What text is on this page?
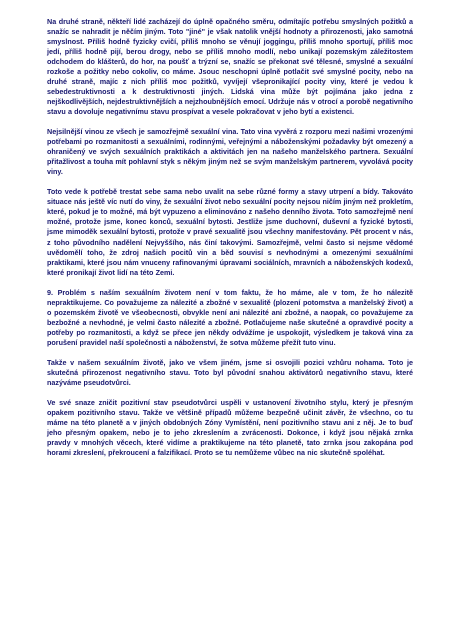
Na druhé straně, někteří lidé zacházejí do úplně opačného směru, odmítajíc potřebu smyslných požitků a snažíc se nahradit je něčím jiným. Toto "jiné" je však natolik vnější hodnoty a přirozenosti, jako samotná smyslnost. Příliš hodně fyzicky cvičí, příliš mnoho se věnují joggingu, příliš mnoho sportují, příliš moc jedí, příliš hodně pijí, berou drogy, nebo se příliš mnoho modlí, nebo unikají pozemským záležitostem odchodem do klášterů, do hor, na poušť a trýzní se, snažíc se překonat své tělesné, smyslné a sexuální rozkoše a požitky nebo cokoliv, co máme. Jsouc neschopni úplně potlačit své smyslné pocity, nebo na druhé straně, majíc z nich příliš moc požitků, vyvíjejí všepronikající pocity viny, které je vedou k sebedestruktivnosti a k destruktivnosti jiných. Lidská vina může být pojímána jako jedna z nejškodlivějších, nejdestruktivnějších a nejzhoubnějších emocí. Udržuje nás v otrocí a porobě negativního stavu a dovoluje negativnímu stavu prospívat a vesele pokračovat v jeho bytí a existenci.

Nejsilnější vinou ze všech je samozřejmě sexuální vina. Tato vina vyvěrá z rozporu mezi našimi vrozenými potřebami po rozmanitosti a sexuálními, rodinnými, veřejnými a náboženskými požadavky být omezený a ohraničený ve svých sexuálních praktikách a aktivitách jen na našeho manželského partnera. Sexuální přitažlivost a touha mít pohlavní styk s někým jiným než se svým manželským partnerem, vyvolává pocity viny.

Toto vede k potřebě trestat sebe sama nebo uvalit na sebe různé formy a stavy utrpení a bídy. Takováto situace nás ještě víc nutí do viny, že sexuální život nebo sexuální pocity nejsou ničím jiným než prokletím, které, pokud je to možné, má být vypuzeno a eliminováno z našeho denního života. Toto samozřejmě není možné, protože jsme, konec konců, sexuální bytosti. Jestliže jsme duchovní, duševní a fyzické bytosti, jsme mimoděk sexuální bytosti, protože v pravé sexualitě jsou všechny manifestovány. Pět procent v nás, z toho původního nadělení Nejvyššího, nás činí takovými. Samozřejmě, velmi často si nejsme vědomé uvědomělí toho, že zdroj našich pocitů vin a běd souvisí s nevhodnými a omezenými sexuálními praktikami, které jsou nám vnuceny rafinovanými úpravami sociálních, mravních a náboženských kodexů, které pronikají život lidí na této Zemi.

9. Problém s naším sexuálním životem není v tom faktu, že ho máme, ale v tom, že ho nálezitě nepraktikujeme. Co považujeme za nálezité a zbožné v sexualitě (plození potomstva a manželský život) a o pozemském životě ve všeobecnosti, obvykle není ani nálezité ani zbožné, a naopak, co považujeme za bezbožné a nevhodné, je velmi často nálezité a zbožné. Potlačujeme naše skutečné a opravdivé pocity a potřeby po rozmanitosti, a když se přece jen někdy odvážíme je uspokojit, výsledkem je taková vina za porušení pravidel naší společnosti a náboženství, že sotva můžeme přežít tuto vinu.

Takže v našem sexuálním životě, jako ve všem jiném, jsme si osvojili pozici vzhůru nohama. Toto je skutečná přirozenost negativního stavu. Toto byl původní snahou aktivátorů negativního stavu, které nazýváme pseudotvůrci.

Ve své snaze zničit pozitivní stav pseudotvůrci uspěli v ustanovení životního stylu, který je přesným opakem pozitivního stavu. Takže ve většině případů můžeme bezpečně učinit závěr, že všechno, co tu máme na této planetě a v jiných obdobných Zóny Vymístění, není pozitivního stavu ani z něj. Je to buď jeho přesným opakem, nebo je to jeho zkreslením a zvrácenosti. Dokonce, i když jsou nějaká zrnka pravdy v mnohých věcech, které vidíme a praktikujeme na této planetě, tato zrnka jsou zakopána pod horami zkreslení, překroucení a falzifikací. Proto se tu nemůžeme vůbec na nic skutečně spoléhat.
